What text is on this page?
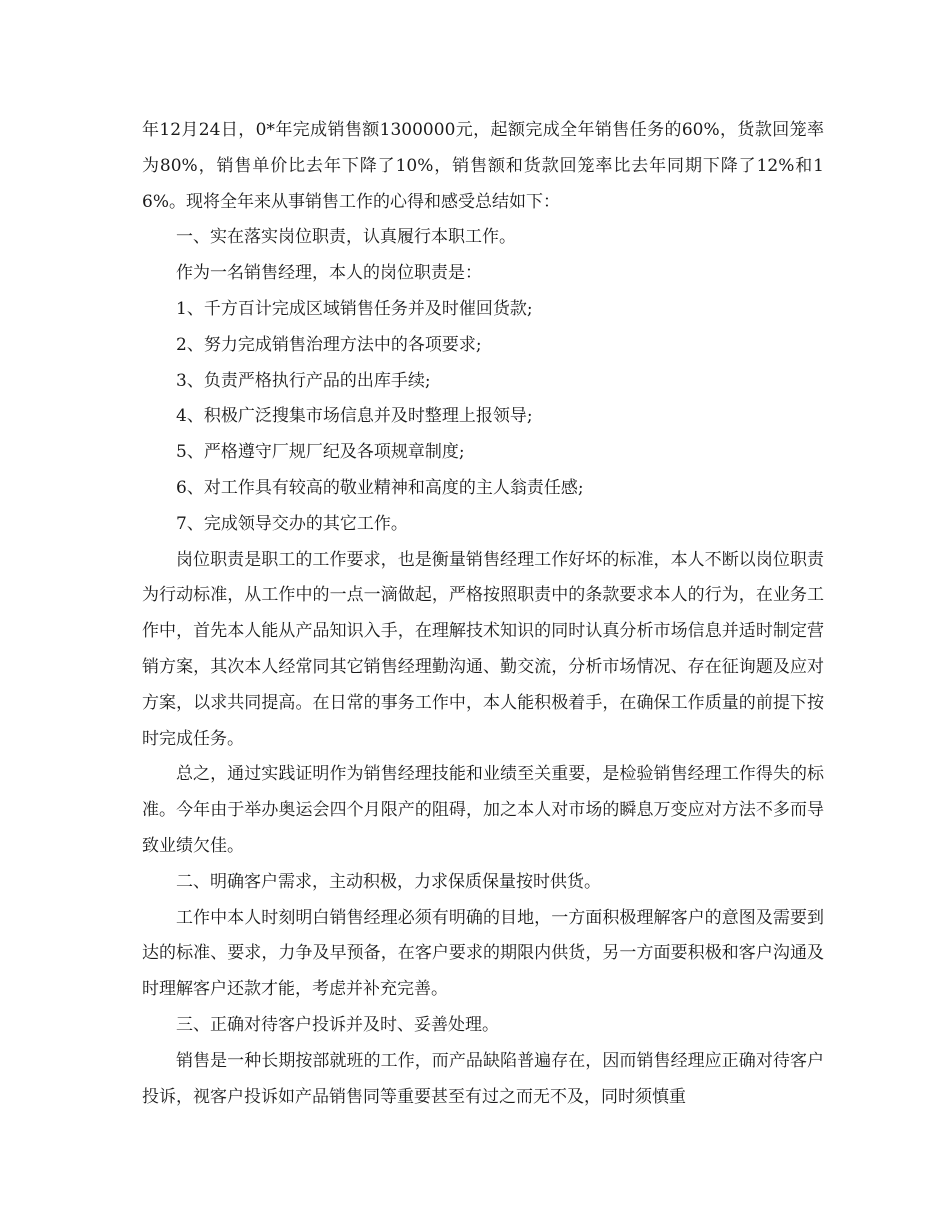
年12月24日，0*年完成销售额1300000元，起额完成全年销售任务的60%，货款回笼率为80%，销售单价比去年下降了10%，销售额和货款回笼率比去年同期下降了12%和16%。现将全年来从事销售工作的心得和感受总结如下：

一、实在落实岗位职责，认真履行本职工作。

作为一名销售经理，本人的岗位职责是：

1、千方百计完成区域销售任务并及时催回货款;

2、努力完成销售治理方法中的各项要求;

3、负责严格执行产品的出库手续;

4、积极广泛搜集市场信息并及时整理上报领导;

5、严格遵守厂规厂纪及各项规章制度;

6、对工作具有较高的敬业精神和高度的主人翁责任感;

7、完成领导交办的其它工作。

岗位职责是职工的工作要求，也是衡量销售经理工作好坏的标准，本人不断以岗位职责为行动标准，从工作中的一点一滴做起，严格按照职责中的条款要求本人的行为，在业务工作中，首先本人能从产品知识入手，在理解技术知识的同时认真分析市场信息并适时制定营销方案，其次本人经常同其它销售经理勤沟通、勤交流，分析市场情况、存在征询题及应对方案，以求共同提高。在日常的事务工作中，本人能积极着手，在确保工作质量的前提下按时完成任务。

总之，通过实践证明作为销售经理技能和业绩至关重要，是检验销售经理工作得失的标准。今年由于举办奥运会四个月限产的阻碍，加之本人对市场的瞬息万变应对方法不多而导致业绩欠佳。

二、明确客户需求，主动积极，力求保质保量按时供货。

工作中本人时刻明白销售经理必须有明确的目地，一方面积极理解客户的意图及需要到达的标准、要求，力争及早预备，在客户要求的期限内供货，另一方面要积极和客户沟通及时理解客户还款才能，考虑并补充完善。

三、正确对待客户投诉并及时、妥善处理。

销售是一种长期按部就班的工作，而产品缺陷普遍存在，因而销售经理应正确对待客户投诉，视客户投诉如产品销售同等重要甚至有过之而无不及，同时须慎重
